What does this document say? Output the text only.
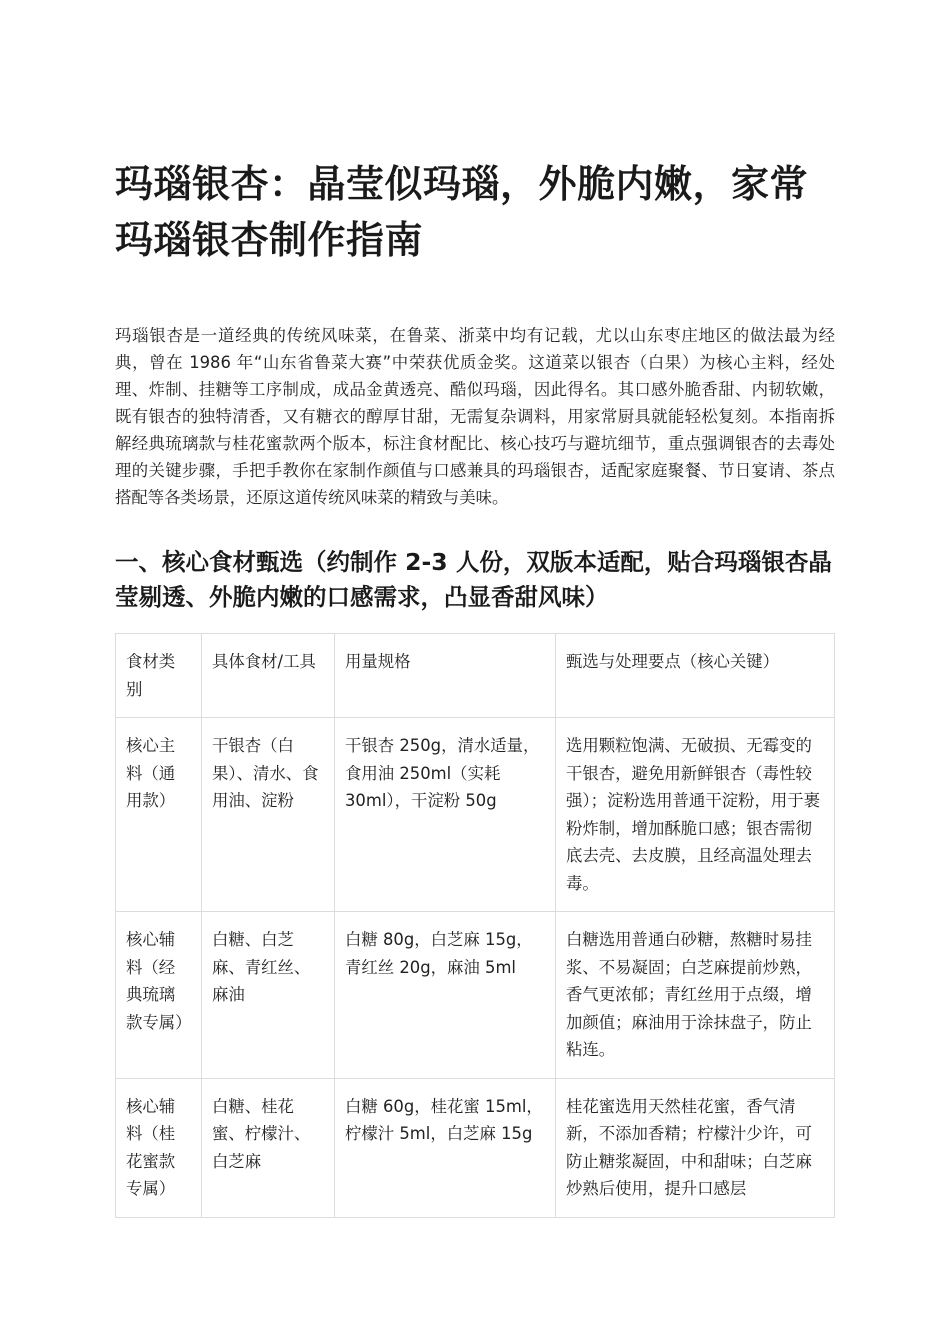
玛瑙银杏：晶莹似玛瑙，外脆内嫩，家常玛瑙银杏制作指南

玛瑙银杏是一道经典的传统风味菜，在鲁菜、浙菜中均有记载，尤以山东枣庄地区的做法最为经典，曾在 1986 年“山东省鲁菜大赛”中荣获优质金奖。这道菜以银杏（白果）为核心主料，经处理、炸制、挂糖等工序制成，成品金黄透亮、酷似玛瑙，因此得名。其口感外脆香甜、内韧软嫩，既有银杏的独特清香，又有糖衣的醇厚甘甜，无需复杂调料，用家常厨具就能轻松复刻。本指南拆解经典琉璃款与桂花蜜款两个版本，标注食材配比、核心技巧与避坑细节，重点强调银杏的去毒处理的关键步骤，手把手教你在家制作颜值与口感兼具的玛瑙银杏，适配家庭聚餐、节日宴请、茶点搭配等各类场景，还原这道传统风味菜的精致与美味。

一、核心食材甄选（约制作 2-3 人份，双版本适配，贴合玛瑙银杏晶莹剔透、外脆内嫩的口感需求，凸显香甜风味）
食材类别	具体食材/工具	用量规格	甄选与处理要点（核心关键）
核心主料（通用款）	干银杏（白果）、清水、食用油、淀粉	干银杏 250g，清水适量，食用油 250ml（实耗 30ml），干淀粉 50g	选用颗粒饱满、无破损、无霉变的干银杏，避免用新鲜银杏（毒性较强）；淀粉选用普通干淀粉，用于裹粉炸制，增加酥脆口感；银杏需彻底去壳、去皮膜，且经高温处理去毒。
核心辅料（经典琉璃款专属）	白糖、白芝麻、青红丝、麻油	白糖 80g，白芝麻 15g，青红丝 20g，麻油 5ml	白糖选用普通白砂糖，熬糖时易挂浆、不易凝固；白芝麻提前炒熟，香气更浓郁；青红丝用于点缀，增加颜值；麻油用于涂抹盘子，防止粘连。
核心辅料（桂花蜜款专属）	白糖、桂花蜜、柠檬汁、白芝麻	白糖 60g，桂花蜜 15ml，柠檬汁 5ml，白芝麻 15g	桂花蜜选用天然桂花蜜，香气清新，不添加香精；柠檬汁少许，可防止糖浆凝固，中和甜味；白芝麻炒熟后使用，提升口感层
